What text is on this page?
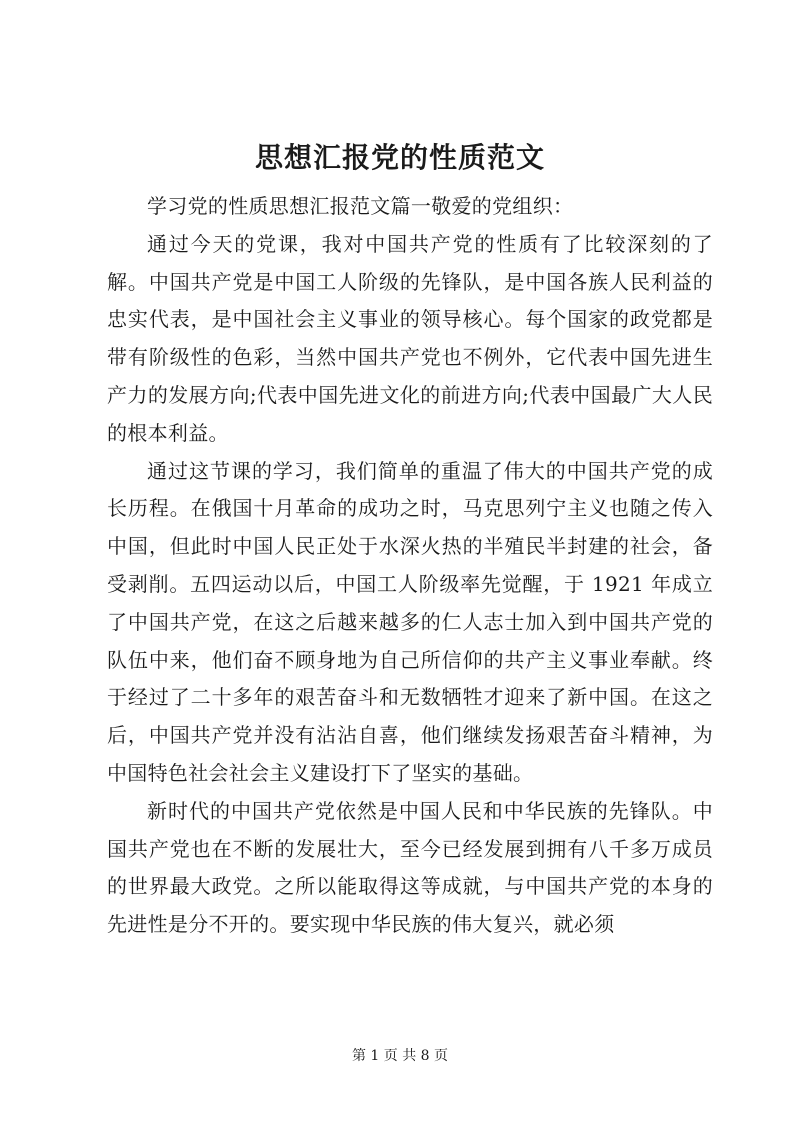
思想汇报党的性质范文

学习党的性质思想汇报范文篇一敬爱的党组织：

通过今天的党课，我对中国共产党的性质有了比较深刻的了解。中国共产党是中国工人阶级的先锋队，是中国各族人民利益的忠实代表，是中国社会主义事业的领导核心。每个国家的政党都是带有阶级性的色彩，当然中国共产党也不例外，它代表中国先进生产力的发展方向;代表中国先进文化的前进方向;代表中国最广大人民的根本利益。

通过这节课的学习，我们简单的重温了伟大的中国共产党的成长历程。在俄国十月革命的成功之时，马克思列宁主义也随之传入中国，但此时中国人民正处于水深火热的半殖民半封建的社会，备受剥削。五四运动以后，中国工人阶级率先觉醒，于 1921 年成立了中国共产党，在这之后越来越多的仁人志士加入到中国共产党的队伍中来，他们奋不顾身地为自己所信仰的共产主义事业奉献。终于经过了二十多年的艰苦奋斗和无数牺牲才迎来了新中国。在这之后，中国共产党并没有沾沾自喜，他们继续发扬艰苦奋斗精神，为中国特色社会社会主义建设打下了坚实的基础。

新时代的中国共产党依然是中国人民和中华民族的先锋队。中国共产党也在不断的发展壮大，至今已经发展到拥有八千多万成员的世界最大政党。之所以能取得这等成就，与中国共产党的本身的先进性是分不开的。要实现中华民族的伟大复兴，就必须

第 1 页 共 8 页
